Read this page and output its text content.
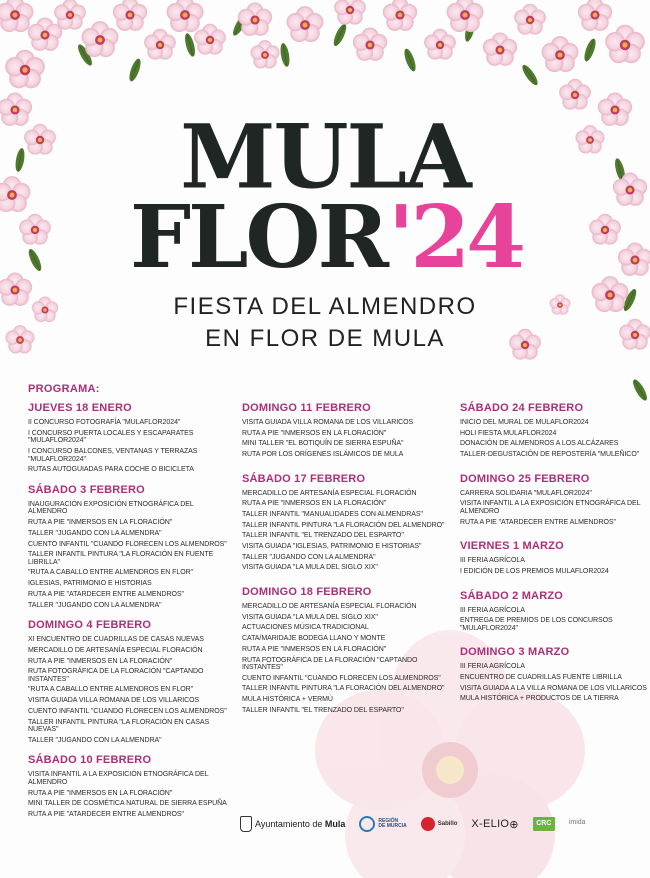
MULA
FLOR '24
FIESTA DEL ALMENDRO
EN FLOR DE MULA
PROGRAMA:
JUEVES 18 ENERO
II CONCURSO FOTOGRAFÍA "MULAFLOR2024"
I CONCURSO PUERTA LOCALES Y ESCAPARATES "MULAFLOR2024"
I CONCURSO BALCONES, VENTANAS Y TERRAZAS "MULAFLOR2024"
RUTAS AUTOGUIADAS PARA COCHE O BICICLETA
SÁBADO 3 FEBRERO
INAUGURACIÓN EXPOSICIÓN ETNOGRÁFICA DEL ALMENDRO
RUTA A PIE "INMERSOS EN LA FLORACIÓN"
TALLER "JUGANDO CON LA ALMENDRA"
CUENTO INFANTIL "CUANDO FLORECEN LOS ALMENDROS"
TALLER INFANTIL PINTURA "LA FLORACIÓN EN FUENTE LIBRILLA"
"RUTA A CABALLO ENTRE ALMENDROS EN FLOR"
IGLESIAS, PATRIMONIO E HISTORIAS
RUTA A PIE "ATARDECER ENTRE ALMENDROS"
TALLER "JUGANDO CON LA ALMENDRA"
DOMINGO 4 FEBRERO
XI ENCUENTRO DE CUADRILLAS DE CASAS NUEVAS
MERCADILLO DE ARTESANÍA ESPECIAL FLORACIÓN
RUTA A PIE "INMERSOS EN LA FLORACIÓN"
RUTA FOTOGRÁFICA DE LA FLORACIÓN "CAPTANDO INSTANTES"
"RUTA A CABALLO ENTRE ALMENDROS EN FLOR"
VISITA GUIADA VILLA ROMANA DE LOS VILLARICOS
CUENTO INFANTIL "CUANDO FLORECEN LOS ALMENDROS"
TALLER INFANTIL PINTURA "LA FLORACIÓN EN CASAS NUEVAS"
TALLER "JUGANDO CON LA ALMENDRA"
SÁBADO 10 FEBRERO
VISITA INFANTIL A LA EXPOSICIÓN ETNOGRÁFICA DEL ALMENDRO
RUTA A PIE "INMERSOS EN LA FLORACIÓN"
MINI TALLER DE COSMÉTICA NATURAL DE SIERRA ESPUÑA
RUTA A PIE "ATARDECER ENTRE ALMENDROS"
DOMINGO 11 FEBRERO
VISITA GUIADA VILLA ROMANA DE LOS VILLARICOS
RUTA A PIE "INMERSOS EN LA FLORACIÓN"
MINI TALLER "EL BOTIQUÍN DE SIERRA ESPUÑA"
RUTA POR LOS ORÍGENES ISLÁMICOS DE MULA
SÁBADO 17 FEBRERO
MERCADILLO DE ARTESANÍA ESPECIAL FLORACIÓN
RUTA A PIE "INMERSOS EN LA FLORACIÓN"
TALLER INFANTIL "MANUALIDADES CON ALMENDRAS"
TALLER INFANTIL PINTURA "LA FLORACIÓN DEL ALMENDRO"
TALLER INFANTIL "EL TRENZADO DEL ESPARTO"
VISITA GUIADA "IGLESIAS, PATRIMONIO E HISTORIAS"
TALLER "JUGANDO CON LA ALMENDRA"
VISITA GUIADA "LA MULA DEL SIGLO XIX"
DOMINGO 18 FEBRERO
MERCADILLO DE ARTESANÍA ESPECIAL FLORACIÓN
VISITA GUIADA "LA MULA DEL SIGLO XIX"
ACTUACIONES MÚSICA TRADICIONAL
CATA/MARIDAJE BODEGA LLANO Y MONTE
RUTA A PIE "INMERSOS EN LA FLORACIÓN"
RUTA FOTOGRÁFICA DE LA FLORACIÓN "CAPTANDO INSTANTES"
CUENTO INFANTIL "CUANDO FLORECEN LOS ALMENDROS"
TALLER INFANTIL PINTURA "LA FLORACIÓN DEL ALMENDRO"
MULA HISTÓRICA + VERMÚ
TALLER INFANTIL "EL TRENZADO DEL ESPARTO"
SÁBADO 24 FEBRERO
INICIO DEL MURAL DE MULAFLOR2024
HOLI FIESTA MULAFLOR2024
DONACIÓN DE ALMENDROS A LOS ALCÁZARES
TALLER-DEGUSTACIÓN DE REPOSTERÍA "MULEÑICO"
DOMINGO 25 FEBRERO
CARRERA SOLIDARIA "MULAFLOR2024"
VISITA INFANTIL A LA EXPOSICIÓN ETNOGRÁFICA DEL ALMENDRO
RUTA A PIE "ATARDECER ENTRE ALMENDROS"
VIERNES 1 MARZO
III FERIA AGRÍCOLA
I EDICIÓN DE LOS PREMIOS MULAFLOR2024
SÁBADO 2 MARZO
III FERIA AGRÍCOLA
ENTREGA DE PREMIOS DE LOS CONCURSOS "MULAFLOR2024"
DOMINGO 3 MARZO
III FERIA AGRÍCOLA
ENCUENTRO DE CUADRILLAS FUENTE LIBRILLA
VISITA GUIADA A LA VILLA ROMANA DE LOS VILLARICOS
MULA HISTÓRICA + PRODUCTOS DE LA TIERRA
Ayuntamiento de Mula	REGIÓN
DE MURCIA	Sabillo X-ELIO ⊕	CRC	imida
